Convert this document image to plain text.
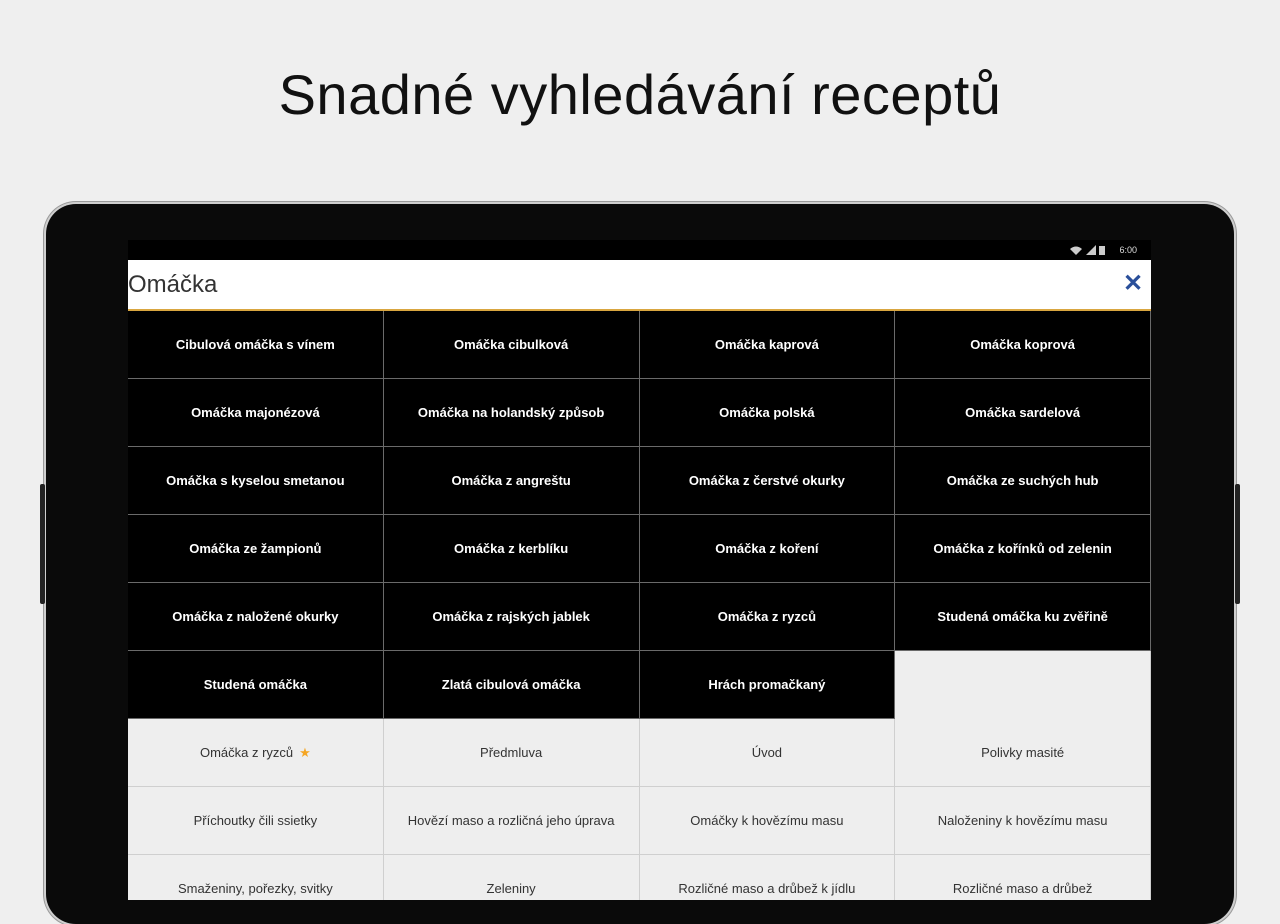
Snadné vyhledávání receptů
6:00
Omáčka
✕
Cibulová omáčka s vínem	Omáčka cibulková	Omáčka kaprová	Omáčka koprová
Omáčka majonézová	Omáčka na holandský způsob	Omáčka polská	Omáčka sardelová
Omáčka s kyselou smetanou	Omáčka z angreštu	Omáčka z čerstvé okurky	Omáčka ze suchých hub
Omáčka ze žampionů	Omáčka z kerblíku	Omáčka z koření	Omáčka z kořínků od zelenin
Omáčka z naložené okurky	Omáčka z rajských jablek	Omáčka z ryzců	Studená omáčka ku zvěřině
Studená omáčka	Zlatá cibulová omáčka	Hrách promačkaný
Omáčka z ryzců ★	Předmluva	Úvod	Polivky masité
Příchoutky čili ssietky	Hovězí maso a rozličná jeho úprava	Omáčky k hovězímu masu	Naloženiny k hovězímu masu
Smaženiny, pořezky, svitky	Zeleniny	Rozličné maso a drůbež k jídlu	Rozličné maso a drůbež
